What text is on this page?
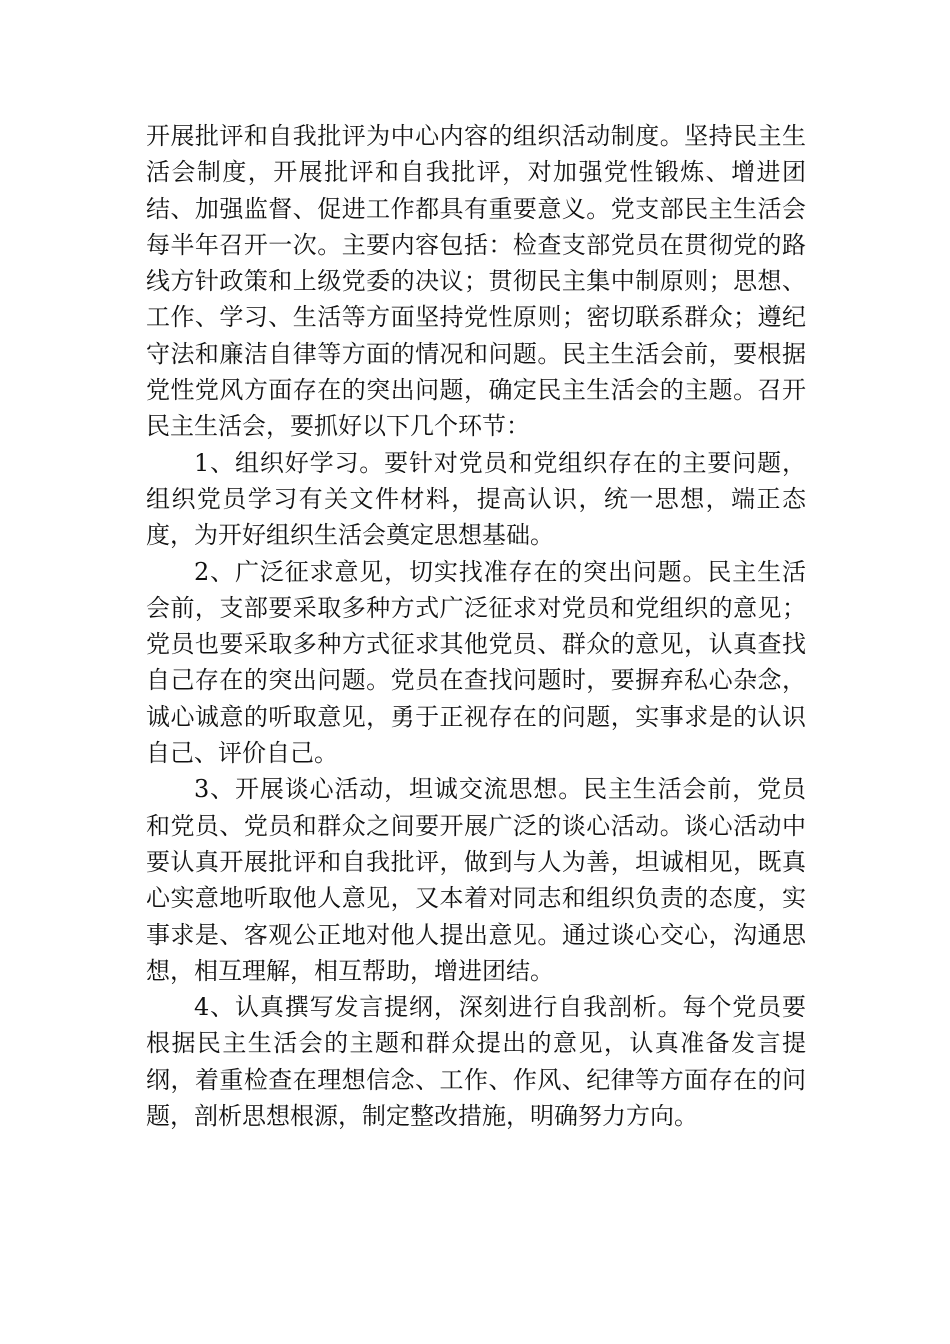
开展批评和自我批评为中心内容的组织活动制度。坚持民主生活会制度，开展批评和自我批评，对加强党性锻炼、增进团结、加强监督、促进工作都具有重要意义。党支部民主生活会每半年召开一次。主要内容包括：检查支部党员在贯彻党的路线方针政策和上级党委的决议；贯彻民主集中制原则；思想、工作、学习、生活等方面坚持党性原则；密切联系群众；遵纪守法和廉洁自律等方面的情况和问题。民主生活会前，要根据党性党风方面存在的突出问题，确定民主生活会的主题。召开民主生活会，要抓好以下几个环节：

1、组织好学习。要针对党员和党组织存在的主要问题，组织党员学习有关文件材料，提高认识，统一思想，端正态度，为开好组织生活会奠定思想基础。

2、广泛征求意见，切实找准存在的突出问题。民主生活会前，支部要采取多种方式广泛征求对党员和党组织的意见；党员也要采取多种方式征求其他党员、群众的意见，认真查找自己存在的突出问题。党员在查找问题时，要摒弃私心杂念，诚心诚意的听取意见，勇于正视存在的问题，实事求是的认识自己、评价自己。

3、开展谈心活动，坦诚交流思想。民主生活会前，党员和党员、党员和群众之间要开展广泛的谈心活动。谈心活动中要认真开展批评和自我批评，做到与人为善，坦诚相见，既真心实意地听取他人意见，又本着对同志和组织负责的态度，实事求是、客观公正地对他人提出意见。通过谈心交心，沟通思想，相互理解，相互帮助，增进团结。

4、认真撰写发言提纲，深刻进行自我剖析。每个党员要根据民主生活会的主题和群众提出的意见，认真准备发言提纲，着重检查在理想信念、工作、作风、纪律等方面存在的问题，剖析思想根源，制定整改措施，明确努力方向。
